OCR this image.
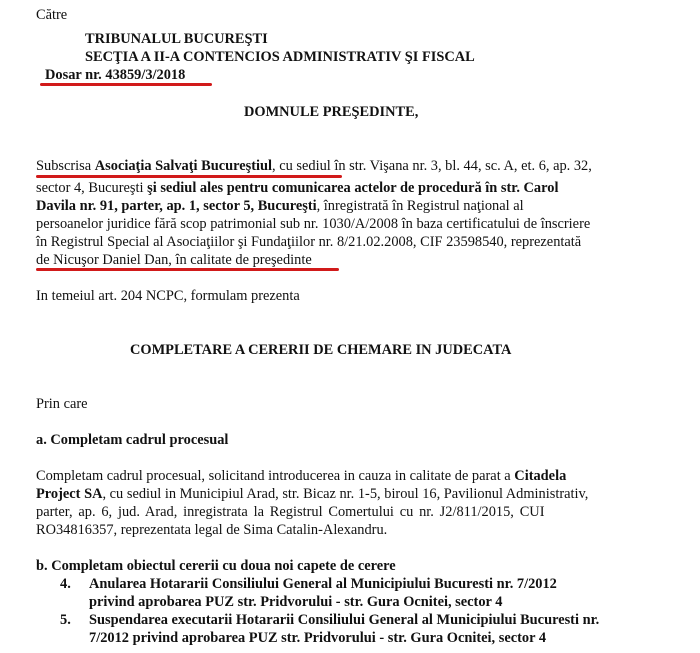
Către
TRIBUNALUL BUCUREŞTI
SECŢIA A II-A CONTENCIOS ADMINISTRATIV ŞI FISCAL
Dosar nr. 43859/3/2018
DOMNULE PREŞEDINTE,
Subscrisa Asociaţia Salvaţi Bucureştiul, cu sediul în str. Vişana nr. 3, bl. 44, sc. A, et. 6, ap. 32,
sector 4, Bucureşti şi sediul ales pentru comunicarea actelor de procedură în str. Carol
Davila nr. 91, parter, ap. 1, sector 5, Bucureşti, înregistrată în Registrul naţional al
persoanelor juridice fără scop patrimonial sub nr. 1030/A/2008 în baza certificatului de înscriere
în Registrul Special al Asociaţiilor şi Fundaţiilor nr. 8/21.02.2008, CIF 23598540, reprezentată
de Nicuşor Daniel Dan, în calitate de preşedinte
In temeiul art. 204 NCPC, formulam prezenta
COMPLETARE A CERERII DE CHEMARE IN JUDECATA
Prin care
a. Completam cadrul procesual
Completam cadrul procesual, solicitand introducerea in cauza in calitate de parat a Citadela
Project SA, cu sediul in Municipiul Arad, str. Bicaz nr. 1-5, biroul 16, Pavilionul Administrativ,
parter, ap. 6, jud. Arad, inregistrata la Registrul Comertului cu nr. J2/811/2015, CUI
RO34816357, reprezentata legal de Sima Catalin-Alexandru.
b. Completam obiectul cererii cu doua noi capete de cerere
4. Anularea Hotararii Consiliului General al Municipiului Bucuresti nr. 7/2012
privind aprobarea PUZ str. Pridvorului - str. Gura Ocnitei, sector 4
5. Suspendarea executarii Hotararii Consiliului General al Municipiului Bucuresti nr.
7/2012 privind aprobarea PUZ str. Pridvorului - str. Gura Ocnitei, sector 4
